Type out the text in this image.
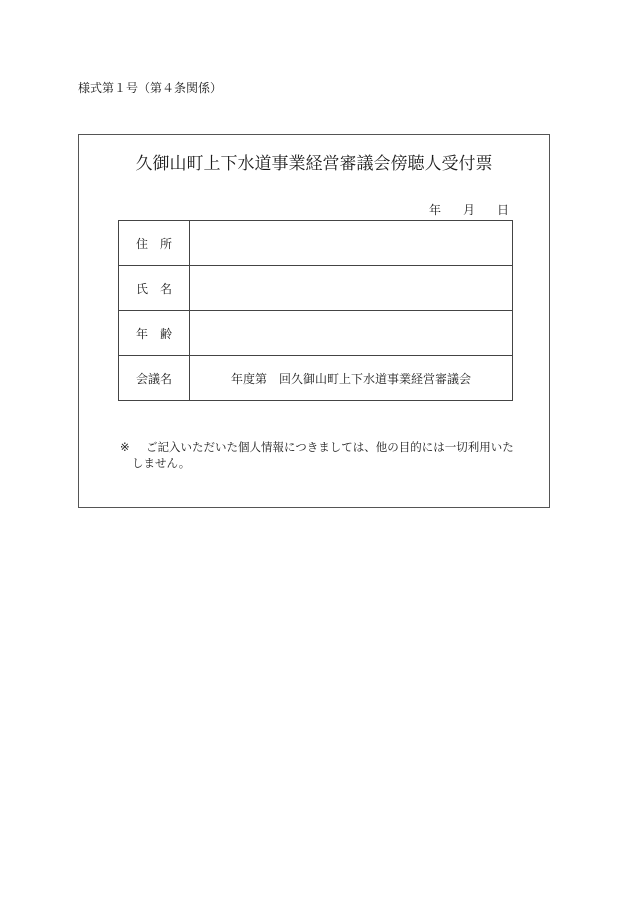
様式第１号（第４条関係）
久御山町上下水道事業経営審議会傍聴人受付票
年 月 日
住　所	
氏　名	
年　齢	
会議名	年度第　回久御山町上下水道事業経営審議会
※ ご記入いただいた個人情報につきましては、他の目的には一切利用いた
しません。
